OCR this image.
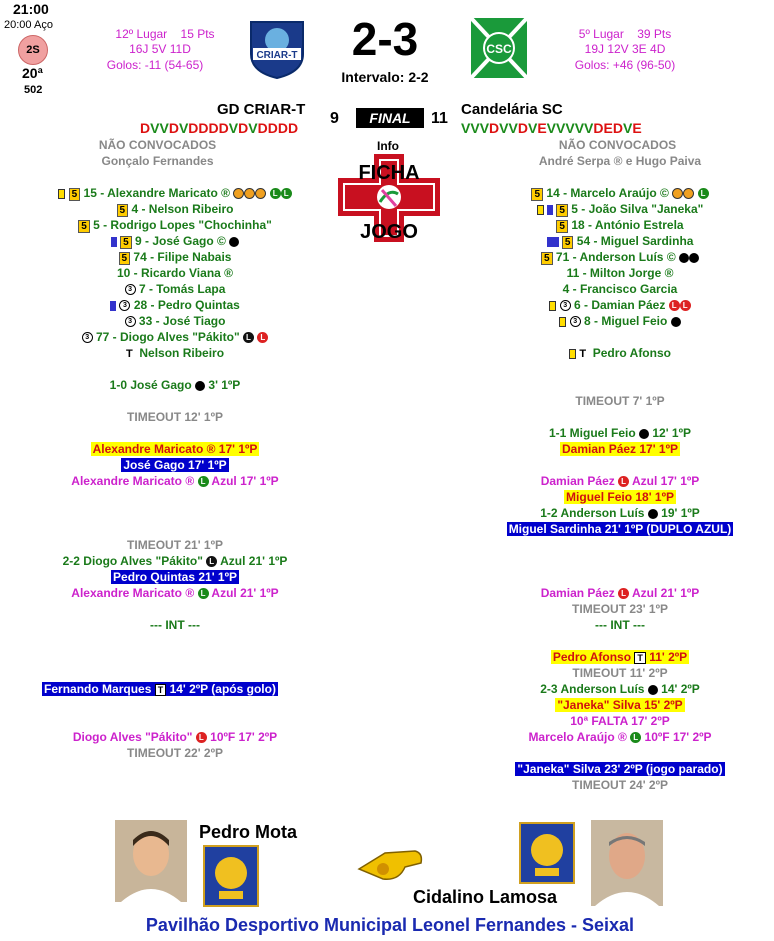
21:00
20:00 Aço
2S
20ª
502
12º Lugar 15 Pts
16J 5V 11D
Golos: -11 (54-65)
CRIAR-T	2-3
Intervalo: 2-2
CSC
5º Lugar 39 Pts
19J 12V 3E 4D
Golos: +46 (96-50)
GD CRIAR-T
DVVDVDDDDVDVDDDD
9	FINAL	11
Candelária SC
VVVDVVDVEVVVVVDEDVE
NÃO CONVOCADOS
Gonçalo Fernandes
NÃO CONVOCADOS
André Serpa ® e Hugo Paiva
Info
FICHA
JOGO
5 15 - Alexandre Maricato ®	L L
5 4 - Nelson Ribeiro
5 5 - Rodrigo Lopes "Chochinha"
5 9 - José Gago ©
5 74 - Filipe Nabais
10 - Ricardo Viana ®
3 7 - Tomás Lapa
3 28 - Pedro Quintas
3 33 - José Tiago
3 77 - Diogo Alves "Pákito" L L
T Nelson Ribeiro
5 14 - Marcelo Araújo ©	L
5 5 - João Silva "Janeka"
5 18 - António Estrela
5 54 - Miguel Sardinha
5 71 - Anderson Luís ©
11 - Milton Jorge ®
4 - Francisco Garcia
3 6 - Damian Páez L L
3 8 - Miguel Feio
T Pedro Afonso
1-0 José Gago 3' 1ºP
TIMEOUT 12' 1ºP
Alexandre Maricato ® 17' 1ºP
José Gago 17' 1ºP
Alexandre Maricato ® L Azul 17' 1ºP
TIMEOUT 21' 1ºP
2-2 Diogo Alves "Pákito" L Azul 21' 1ºP
Pedro Quintas 21' 1ºP
Alexandre Maricato ® L Azul 21' 1ºP
--- INT ---
Fernando Marques T 14' 2ºP (após golo)
Diogo Alves "Pákito" L 10ºF 17' 2ºP
TIMEOUT 22' 2ºP
TIMEOUT 7' 1ºP
1-1 Miguel Feio 12' 1ºP
Damian Páez 17' 1ºP
Damian Páez L Azul 17' 1ºP
Miguel Feio 18' 1ºP
1-2 Anderson Luís 19' 1ºP
Miguel Sardinha 21' 1ºP (DUPLO AZUL)
Damian Páez L Azul 21' 1ºP
TIMEOUT 23' 1ºP
--- INT ---
Pedro Afonso T 11' 2ºP
TIMEOUT 11' 2ºP
2-3 Anderson Luís 14' 2ºP
"Janeka" Silva 15' 2ºP
10ª FALTA 17' 2ºP
Marcelo Araújo ® L 10ºF 17' 2ºP
"Janeka" Silva 23' 2ºP (jogo parado)
TIMEOUT 24' 2ºP
Pedro Mota
Cidalino Lamosa
Pavilhão Desportivo Municipal Leonel Fernandes - Seixal
